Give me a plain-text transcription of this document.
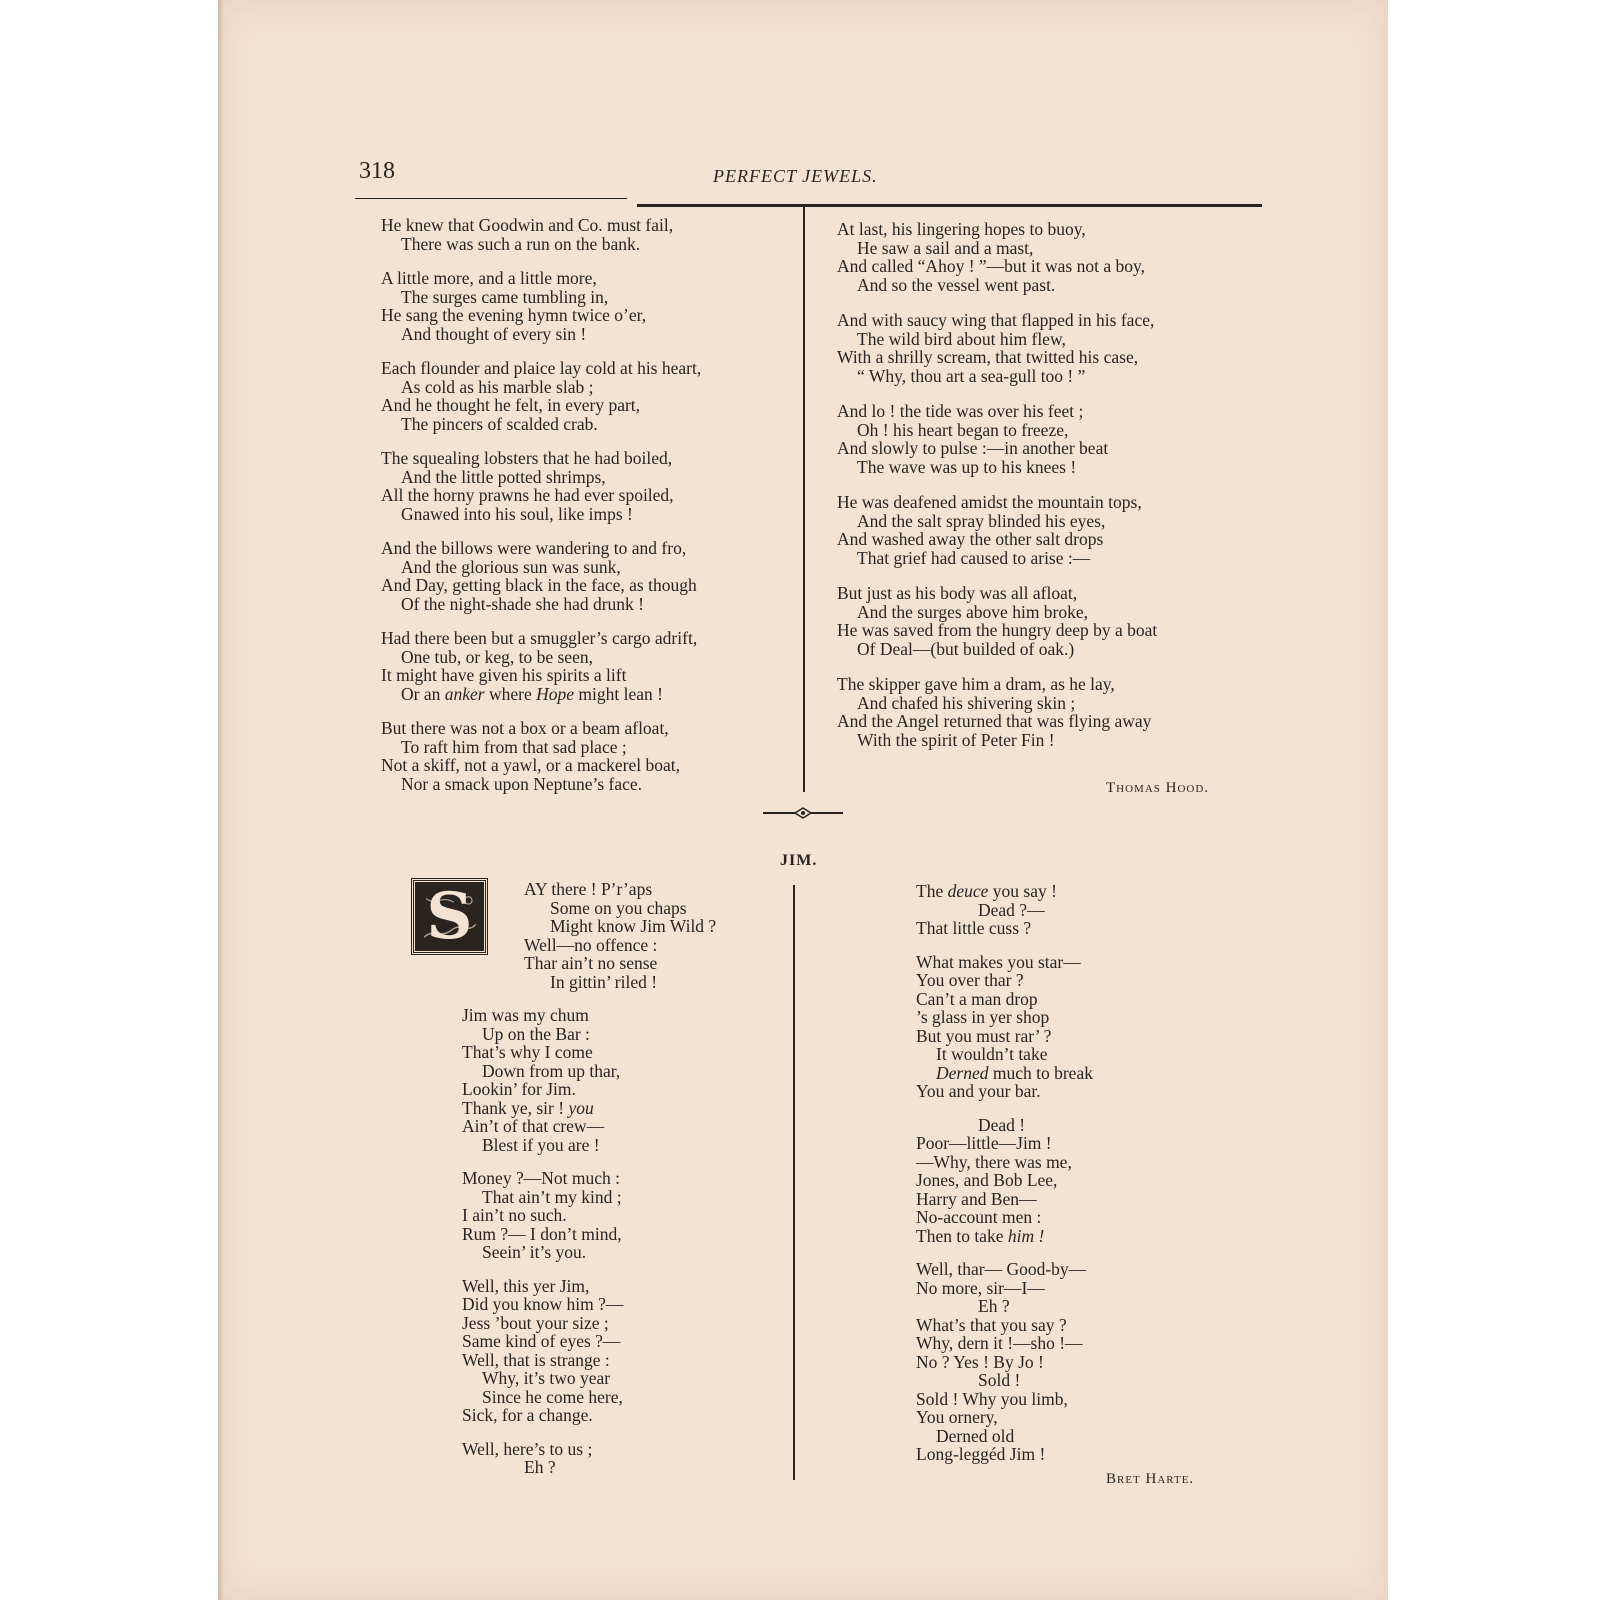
318	PERFECT JEWELS.
He knew that Goodwin and Co. must fail,
There was such a run on the bank.
A little more, and a little more,
The surges came tumbling in,
He sang the evening hymn twice o’er,
And thought of every sin !
Each flounder and plaice lay cold at his heart,
As cold as his marble slab ;
And he thought he felt, in every part,
The pincers of scalded crab.
The squealing lobsters that he had boiled,
And the little potted shrimps,
All the horny prawns he had ever spoiled,
Gnawed into his soul, like imps !
And the billows were wandering to and fro,
And the glorious sun was sunk,
And Day, getting black in the face, as though
Of the night-shade she had drunk !
Had there been but a smuggler’s cargo adrift,
One tub, or keg, to be seen,
It might have given his spirits a lift
Or an anker where Hope might lean !
But there was not a box or a beam afloat,
To raft him from that sad place ;
Not a skiff, not a yawl, or a mackerel boat,
Nor a smack upon Neptune’s face.
At last, his lingering hopes to buoy,
He saw a sail and a mast,
And called “Ahoy ! ”—but it was not a boy,
And so the vessel went past.
And with saucy wing that flapped in his face,
The wild bird about him flew,
With a shrilly scream, that twitted his case,
“ Why, thou art a sea-gull too ! ”
And lo ! the tide was over his feet ;
Oh ! his heart began to freeze,
And slowly to pulse :—in another beat
The wave was up to his knees !
He was deafened amidst the mountain tops,
And the salt spray blinded his eyes,
And washed away the other salt drops
That grief had caused to arise :—
But just as his body was all afloat,
And the surges above him broke,
He was saved from the hungry deep by a boat
Of Deal—(but builded of oak.)
The skipper gave him a dram, as he lay,
And chafed his shivering skin ;
And the Angel returned that was flying away
With the spirit of Peter Fin !
Thomas Hood.
JIM.
S	AY there ! P’r’aps
Some on you chaps
Might know Jim Wild ?
Well—no offence :
Thar ain’t no sense
In gittin’ riled !
Jim was my chum
Up on the Bar :
That’s why I come
Down from up thar,
Lookin’ for Jim.
Thank ye, sir ! you
Ain’t of that crew—
Blest if you are !
Money ?—Not much :
That ain’t my kind ;
I ain’t no such.
Rum ?— I don’t mind,
Seein’ it’s you.
Well, this yer Jim,
Did you know him ?—
Jess ’bout your size ;
Same kind of eyes ?—
Well, that is strange :
Why, it’s two year
Since he come here,
Sick, for a change.
Well, here’s to us ;
Eh ?
The deuce you say !
Dead ?—
That little cuss ?
What makes you star—
You over thar ?
Can’t a man drop
’s glass in yer shop
But you must rar’ ?
It wouldn’t take
Derned much to break
You and your bar.
Dead !
Poor—little—Jim !
—Why, there was me,
Jones, and Bob Lee,
Harry and Ben—
No-account men :
Then to take him !
Well, thar— Good-by—
No more, sir—I—
Eh ?
What’s that you say ?
Why, dern it !—sho !—
No ? Yes ! By Jo !
Sold !
Sold ! Why you limb,
You ornery,
Derned old
Long-leggéd Jim !
Bret Harte.
